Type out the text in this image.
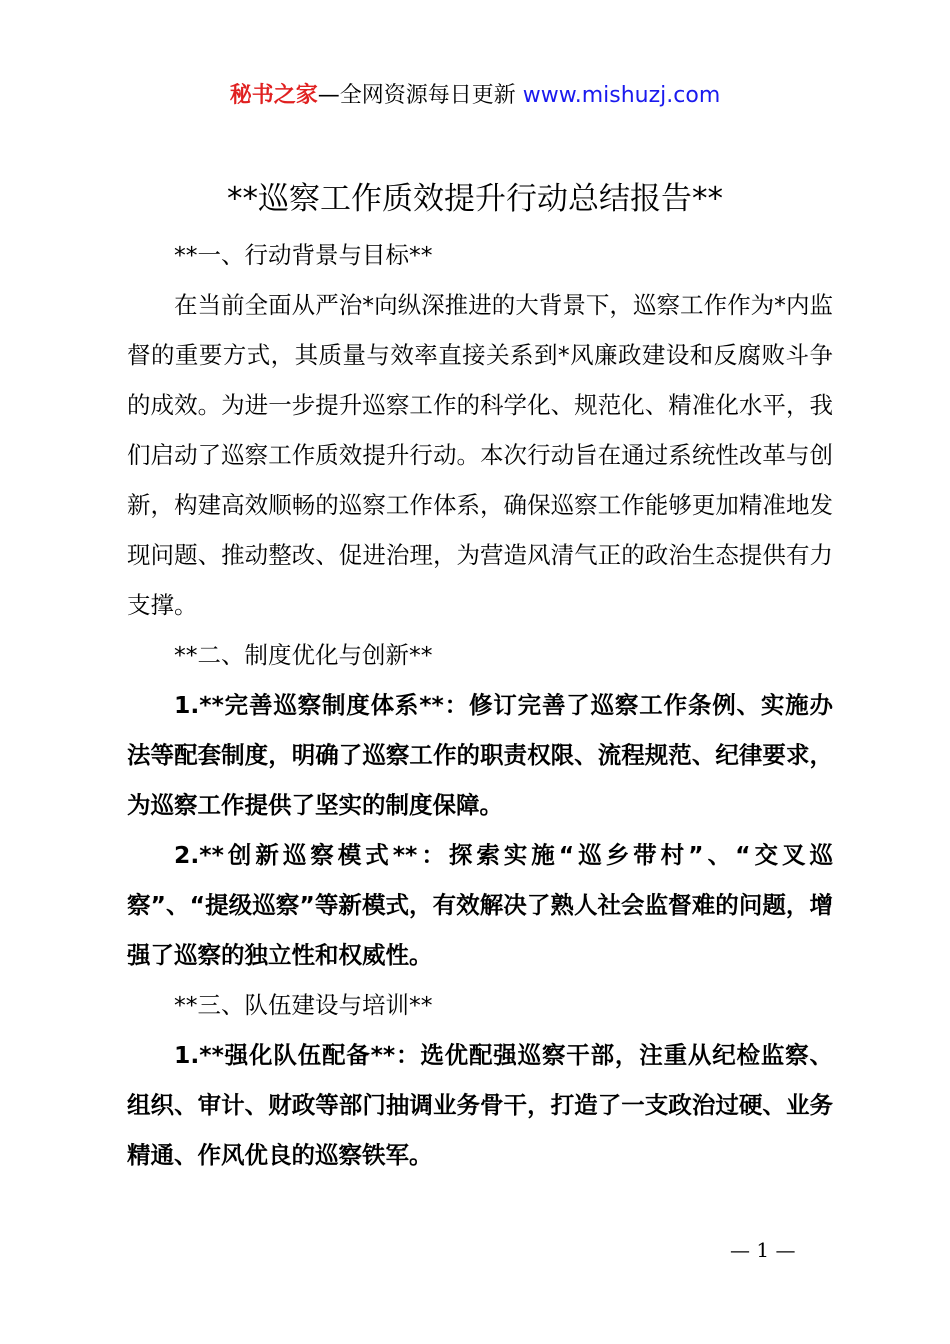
秘书之家—全网资源每日更新 www.mishuzj.com
**巡察工作质效提升行动总结报告**

**一、行动背景与目标**

在当前全面从严治*向纵深推进的大背景下，巡察工作作为*内监督的重要方式，其质量与效率直接关系到*风廉政建设和反腐败斗争的成效。为进一步提升巡察工作的科学化、规范化、精准化水平，我们启动了巡察工作质效提升行动。本次行动旨在通过系统性改革与创新，构建高效顺畅的巡察工作体系，确保巡察工作能够更加精准地发现问题、推动整改、促进治理，为营造风清气正的政治生态提供有力支撑。

**二、制度优化与创新**

1.**完善巡察制度体系**：修订完善了巡察工作条例、实施办法等配套制度，明确了巡察工作的职责权限、流程规范、纪律要求，为巡察工作提供了坚实的制度保障。

2.**创新巡察模式**：探索实施“巡乡带村”、“交叉巡察”、“提级巡察”等新模式，有效解决了熟人社会监督难的问题，增强了巡察的独立性和权威性。

**三、队伍建设与培训**

1.**强化队伍配备**：选优配强巡察干部，注重从纪检监察、组织、审计、财政等部门抽调业务骨干，打造了一支政治过硬、业务精通、作风优良的巡察铁军。

— 1 —
